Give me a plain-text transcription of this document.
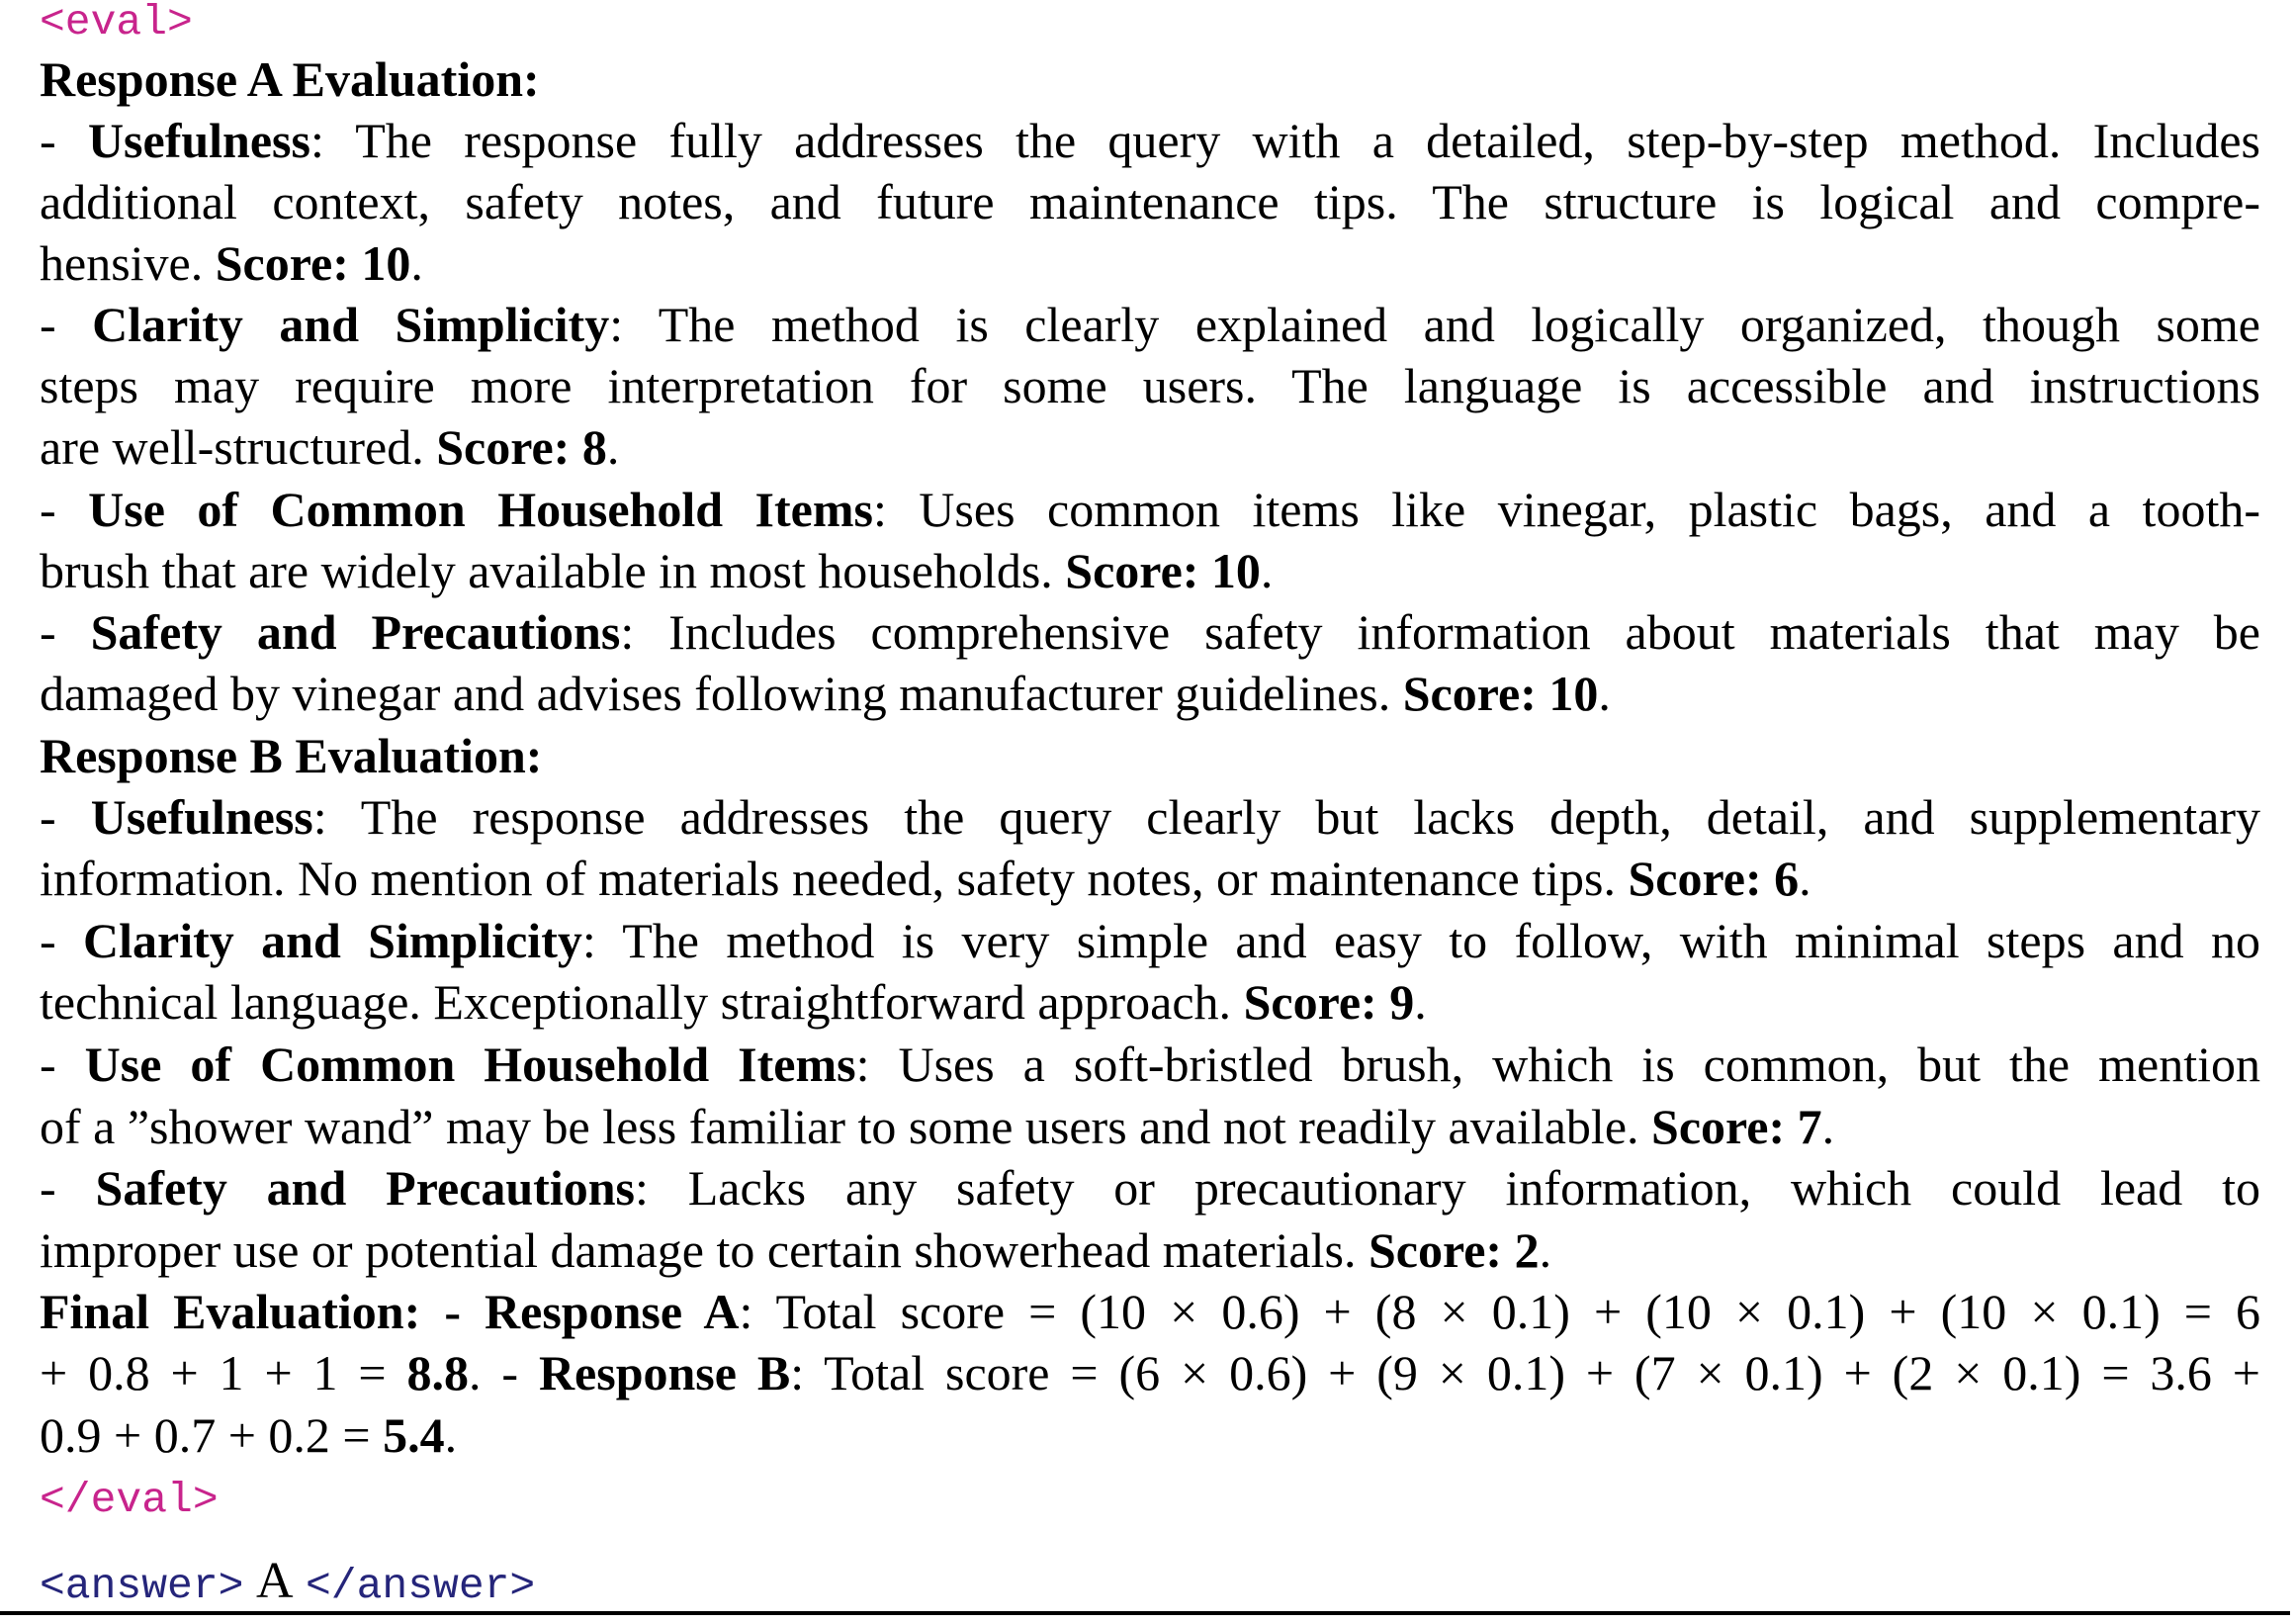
<eval>
Response A Evaluation:
- Usefulness: The response fully addresses the query with a detailed, step-by-step method. Includes
additional context, safety notes, and future maintenance tips. The structure is logical and compre-
hensive. Score: 10.
- Clarity and Simplicity: The method is clearly explained and logically organized, though some
steps may require more interpretation for some users. The language is accessible and instructions
are well-structured. Score: 8.
- Use of Common Household Items: Uses common items like vinegar, plastic bags, and a tooth-
brush that are widely available in most households. Score: 10.
- Safety and Precautions: Includes comprehensive safety information about materials that may be
damaged by vinegar and advises following manufacturer guidelines. Score: 10.
Response B Evaluation:
- Usefulness: The response addresses the query clearly but lacks depth, detail, and supplementary
information. No mention of materials needed, safety notes, or maintenance tips. Score: 6.
- Clarity and Simplicity: The method is very simple and easy to follow, with minimal steps and no
technical language. Exceptionally straightforward approach. Score: 9.
- Use of Common Household Items: Uses a soft-bristled brush, which is common, but the mention
of a ”shower wand” may be less familiar to some users and not readily available. Score: 7.
- Safety and Precautions: Lacks any safety or precautionary information, which could lead to
improper use or potential damage to certain showerhead materials. Score: 2.
Final Evaluation: - Response A: Total score = (10 × 0.6) + (8 × 0.1) + (10 × 0.1) + (10 × 0.1) = 6
+ 0.8 + 1 + 1 = 8.8. - Response B: Total score = (6 × 0.6) + (9 × 0.1) + (7 × 0.1) + (2 × 0.1) = 3.6 +
0.9 + 0.7 + 0.2 = 5.4.
</eval>
<answer> A </answer>
